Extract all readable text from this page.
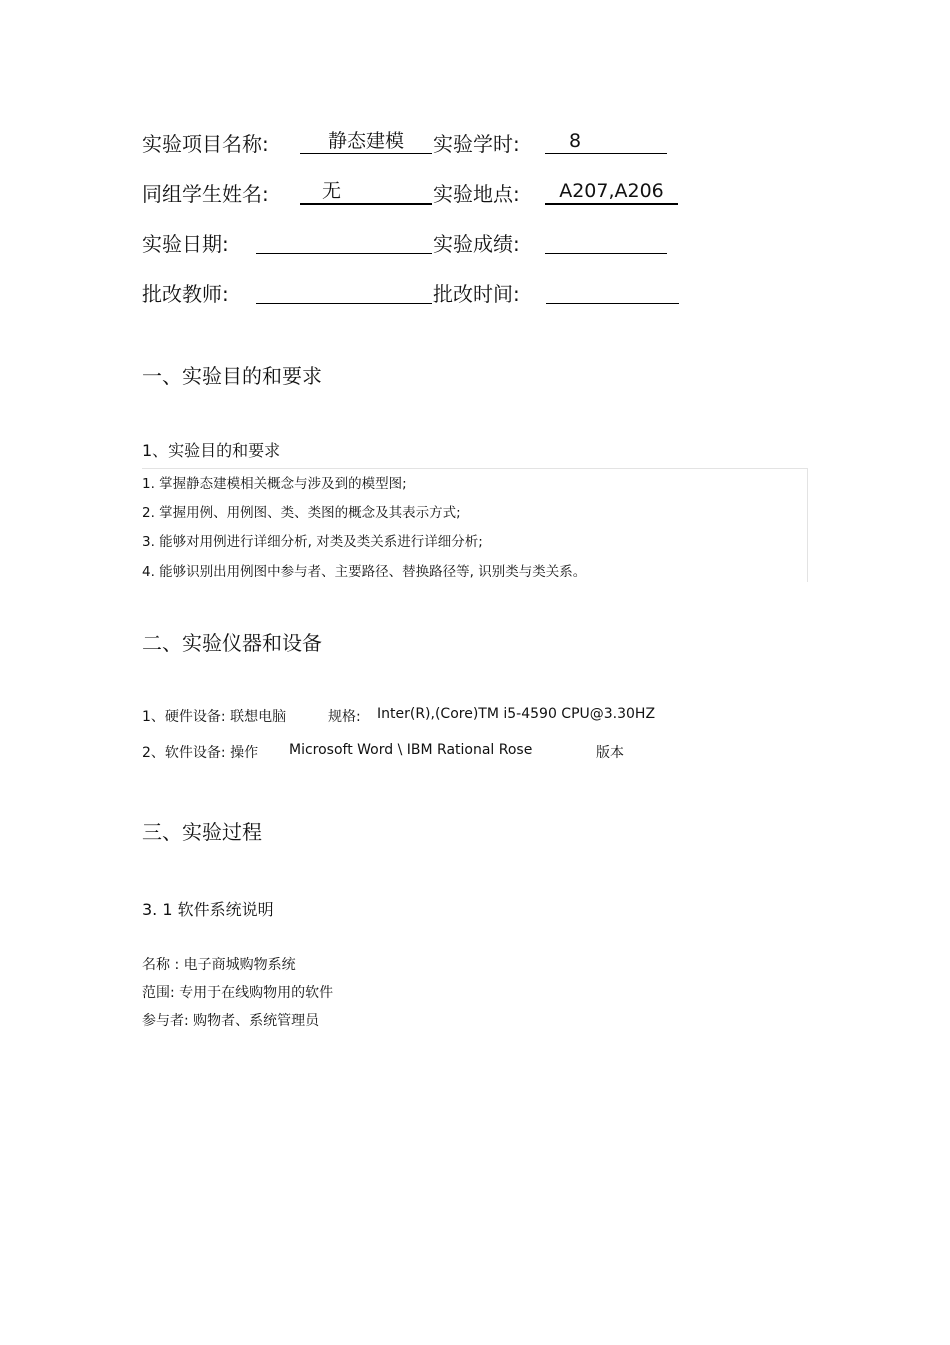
实验项目名称:	静态建模	实验学时:	8
同组学生姓名:	无	实验地点:	A207,A206
实验日期:	实验成绩:
批改教师:	批改时间:
一、实验目的和要求
1、实验目的和要求
1. 掌握静态建模相关概念与涉及到的模型图;
2. 掌握用例、用例图、类、类图的概念及其表示方式;
3. 能够对用例进行详细分析, 对类及类关系进行详细分析;
4. 能够识别出用例图中参与者、主要路径、替换路径等, 识别类与类关系。
二、实验仪器和设备
1、硬件设备: 联想电脑	规格: Inter(R),(Core)TM i5-4590 CPU@3.30HZ
2、软件设备: 操作 Microsoft Word \ IBM Rational Rose	版本
三、实验过程
3. 1 软件系统说明
名称 : 电子商城购物系统
范围: 专用于在线购物用的软件
参与者: 购物者、系统管理员
